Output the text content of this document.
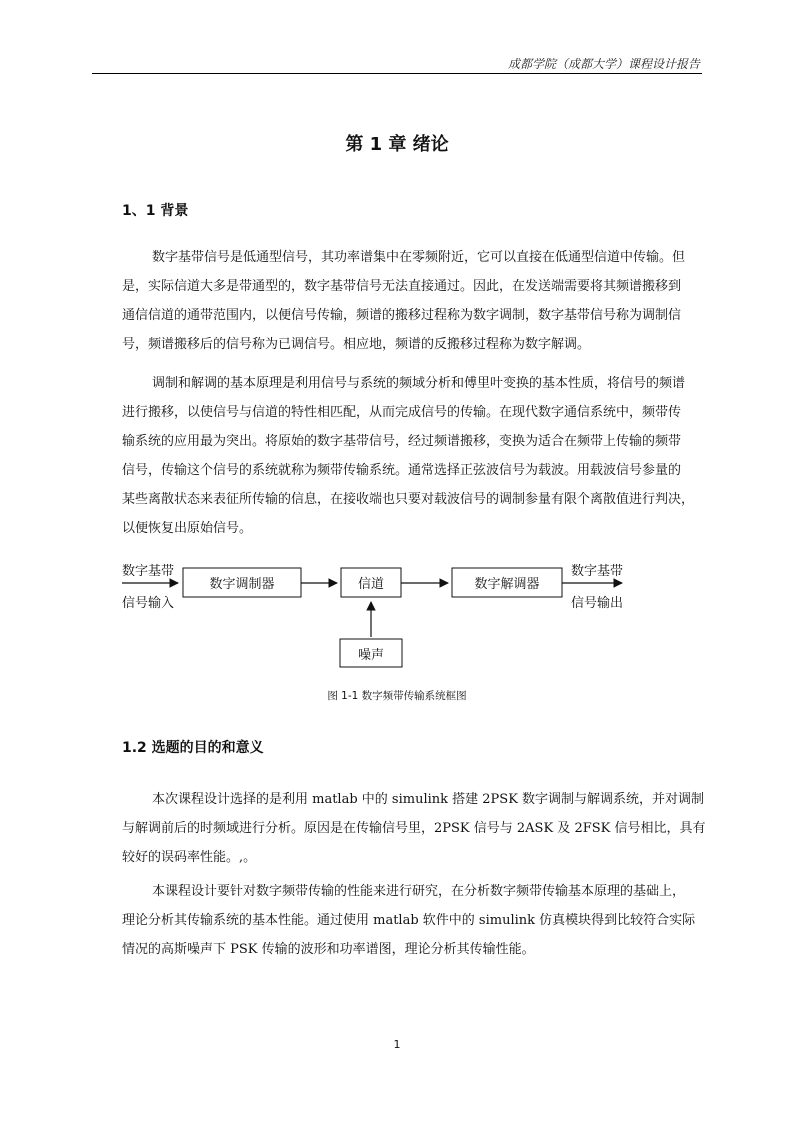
成都学院（成都大学）课程设计报告
第 1 章 绪论
1、1 背景
数字基带信号是低通型信号，其功率谱集中在零频附近，它可以直接在低通型信道中传输。但
是，实际信道大多是带通型的，数字基带信号无法直接通过。因此，在发送端需要将其频谱搬移到
通信信道的通带范围内，以便信号传输，频谱的搬移过程称为数字调制，数字基带信号称为调制信
号，频谱搬移后的信号称为已调信号。相应地，频谱的反搬移过程称为数字解调。
调制和解调的基本原理是利用信号与系统的频域分析和傅里叶变换的基本性质，将信号的频谱
进行搬移，以使信号与信道的特性相匹配，从而完成信号的传输。在现代数字通信系统中，频带传
输系统的应用最为突出。将原始的数字基带信号，经过频谱搬移，变换为适合在频带上传输的频带
信号，传输这个信号的系统就称为频带传输系统。通常选择正弦波信号为载波。用载波信号参量的
某些离散状态来表征所传输的信息，在接收端也只要对载波信号的调制参量有限个离散值进行判决，
以便恢复出原始信号。
数字基带
信号输入
数字调制器	信道	数字解调器
数字基带
信号输出
噪声
图 1-1 数字频带传输系统框图
1.2 选题的目的和意义
本次课程设计选择的是利用 matlab 中的 simulink 搭建 2PSK 数字调制与解调系统，并对调制
与解调前后的时频域进行分析。原因是在传输信号里，2PSK 信号与 2ASK 及 2FSK 信号相比，具有
较好的误码率性能。,。
本课程设计要针对数字频带传输的性能来进行研究，在分析数字频带传输基本原理的基础上，
理论分析其传输系统的基本性能。通过使用 matlab 软件中的 simulink 仿真模块得到比较符合实际
情况的高斯噪声下 PSK 传输的波形和功率谱图，理论分析其传输性能。
1
